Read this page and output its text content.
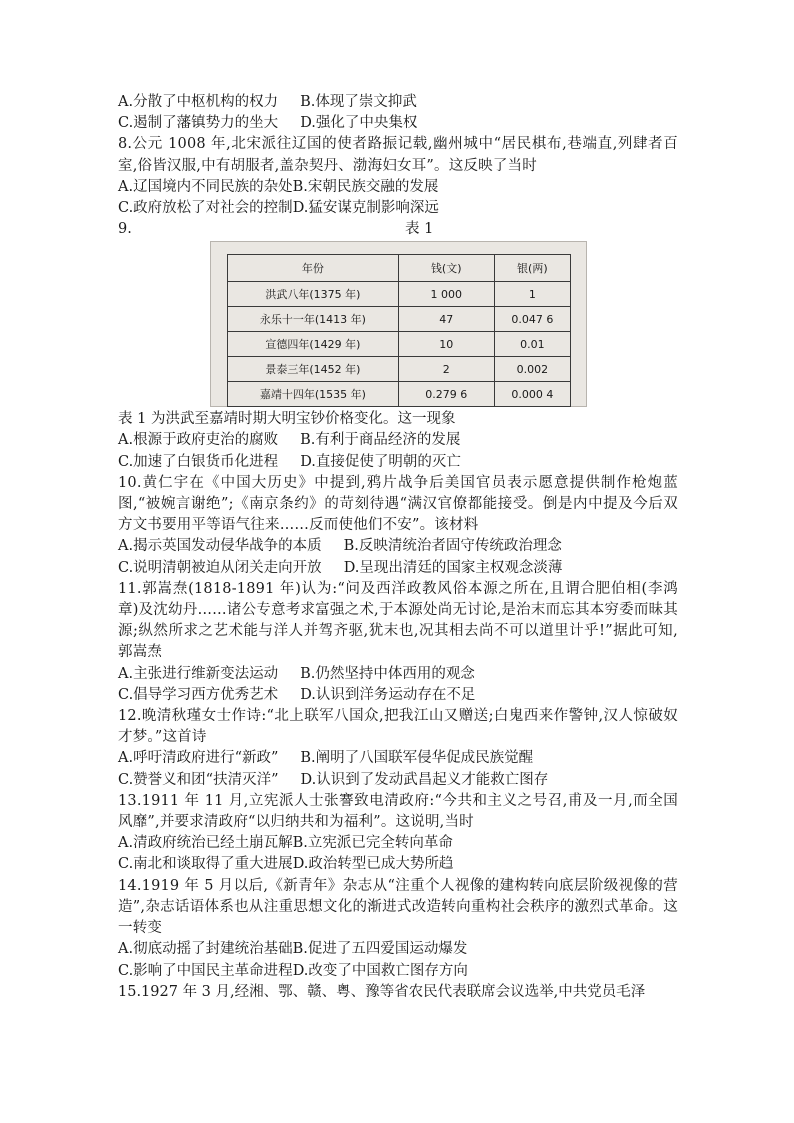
A.分散了中枢机构的权力 B.体现了崇文抑武
C.遏制了藩镇势力的坐大 D.强化了中央集权
8.公元 1008 年,北宋派往辽国的使者路振记载,幽州城中“居民棋布,巷端直,列肆者百室,俗皆汉服,中有胡服者,盖杂契丹、渤海妇女耳”。这反映了当时
A.辽国境内不同民族的杂处B.宋朝民族交融的发展
C.政府放松了对社会的控制D.猛安谋克制影响深远
9.	表 1
年份	钱(文)	银(两)
洪武八年(1375 年)	1 000	1
永乐十一年(1413 年)	47	0.047 6
宣德四年(1429 年)	10	0.01
景泰三年(1452 年)	2	0.002
嘉靖十四年(1535 年)	0.279 6	0.000 4
表 1 为洪武至嘉靖时期大明宝钞价格变化。这一现象
A.根源于政府吏治的腐败 B.有利于商品经济的发展
C.加速了白银货币化进程 D.直接促使了明朝的灭亡
10.黄仁宇在《中国大历史》中提到,鸦片战争后美国官员表示愿意提供制作枪炮蓝图,“被婉言谢绝”;《南京条约》的苛刻待遇“满汉官僚都能接受。倒是内中提及今后双方文书要用平等语气往来……反而使他们不安”。该材料
A.揭示英国发动侵华战争的本质 B.反映清统治者固守传统政治理念
C.说明清朝被迫从闭关走向开放 D.呈现出清廷的国家主权观念淡薄
11.郭嵩焘(1818-1891 年)认为:“问及西洋政教风俗本源之所在,且谓合肥伯相(李鸿章)及沈幼丹……诸公专意考求富强之术,于本源处尚无讨论,是治末而忘其本穷委而昧其源;纵然所求之艺术能与洋人并驾齐驱,犹末也,况其相去尚不可以道里计乎!”据此可知,郭嵩焘
A.主张进行维新变法运动 B.仍然坚持中体西用的观念
C.倡导学习西方优秀艺术 D.认识到洋务运动存在不足
12.晚清秋瑾女士作诗:“北上联军八国众,把我江山又赠送;白鬼西来作警钟,汉人惊破奴才梦。”这首诗
A.呼吁清政府进行“新政” B.阐明了八国联军侵华促成民族觉醒
C.赞誉义和团“扶清灭洋” D.认识到了发动武昌起义才能救亡图存
13.1911 年 11 月,立宪派人士张謇致电清政府:“今共和主义之号召,甫及一月,而全国风靡”,并要求清政府“以归纳共和为福利”。这说明,当时
A.清政府统治已经土崩瓦解B.立宪派已完全转向革命
C.南北和谈取得了重大进展D.政治转型已成大势所趋
14.1919 年 5 月以后,《新青年》杂志从“注重个人视像的建构转向底层阶级视像的营造”,杂志话语体系也从注重思想文化的渐进式改造转向重构社会秩序的激烈式革命。这一转变
A.彻底动摇了封建统治基础B.促进了五四爱国运动爆发
C.影响了中国民主革命进程D.改变了中国救亡图存方向
15.1927 年 3 月,经湘、鄂、赣、粤、豫等省农民代表联席会议选举,中共党员毛泽
